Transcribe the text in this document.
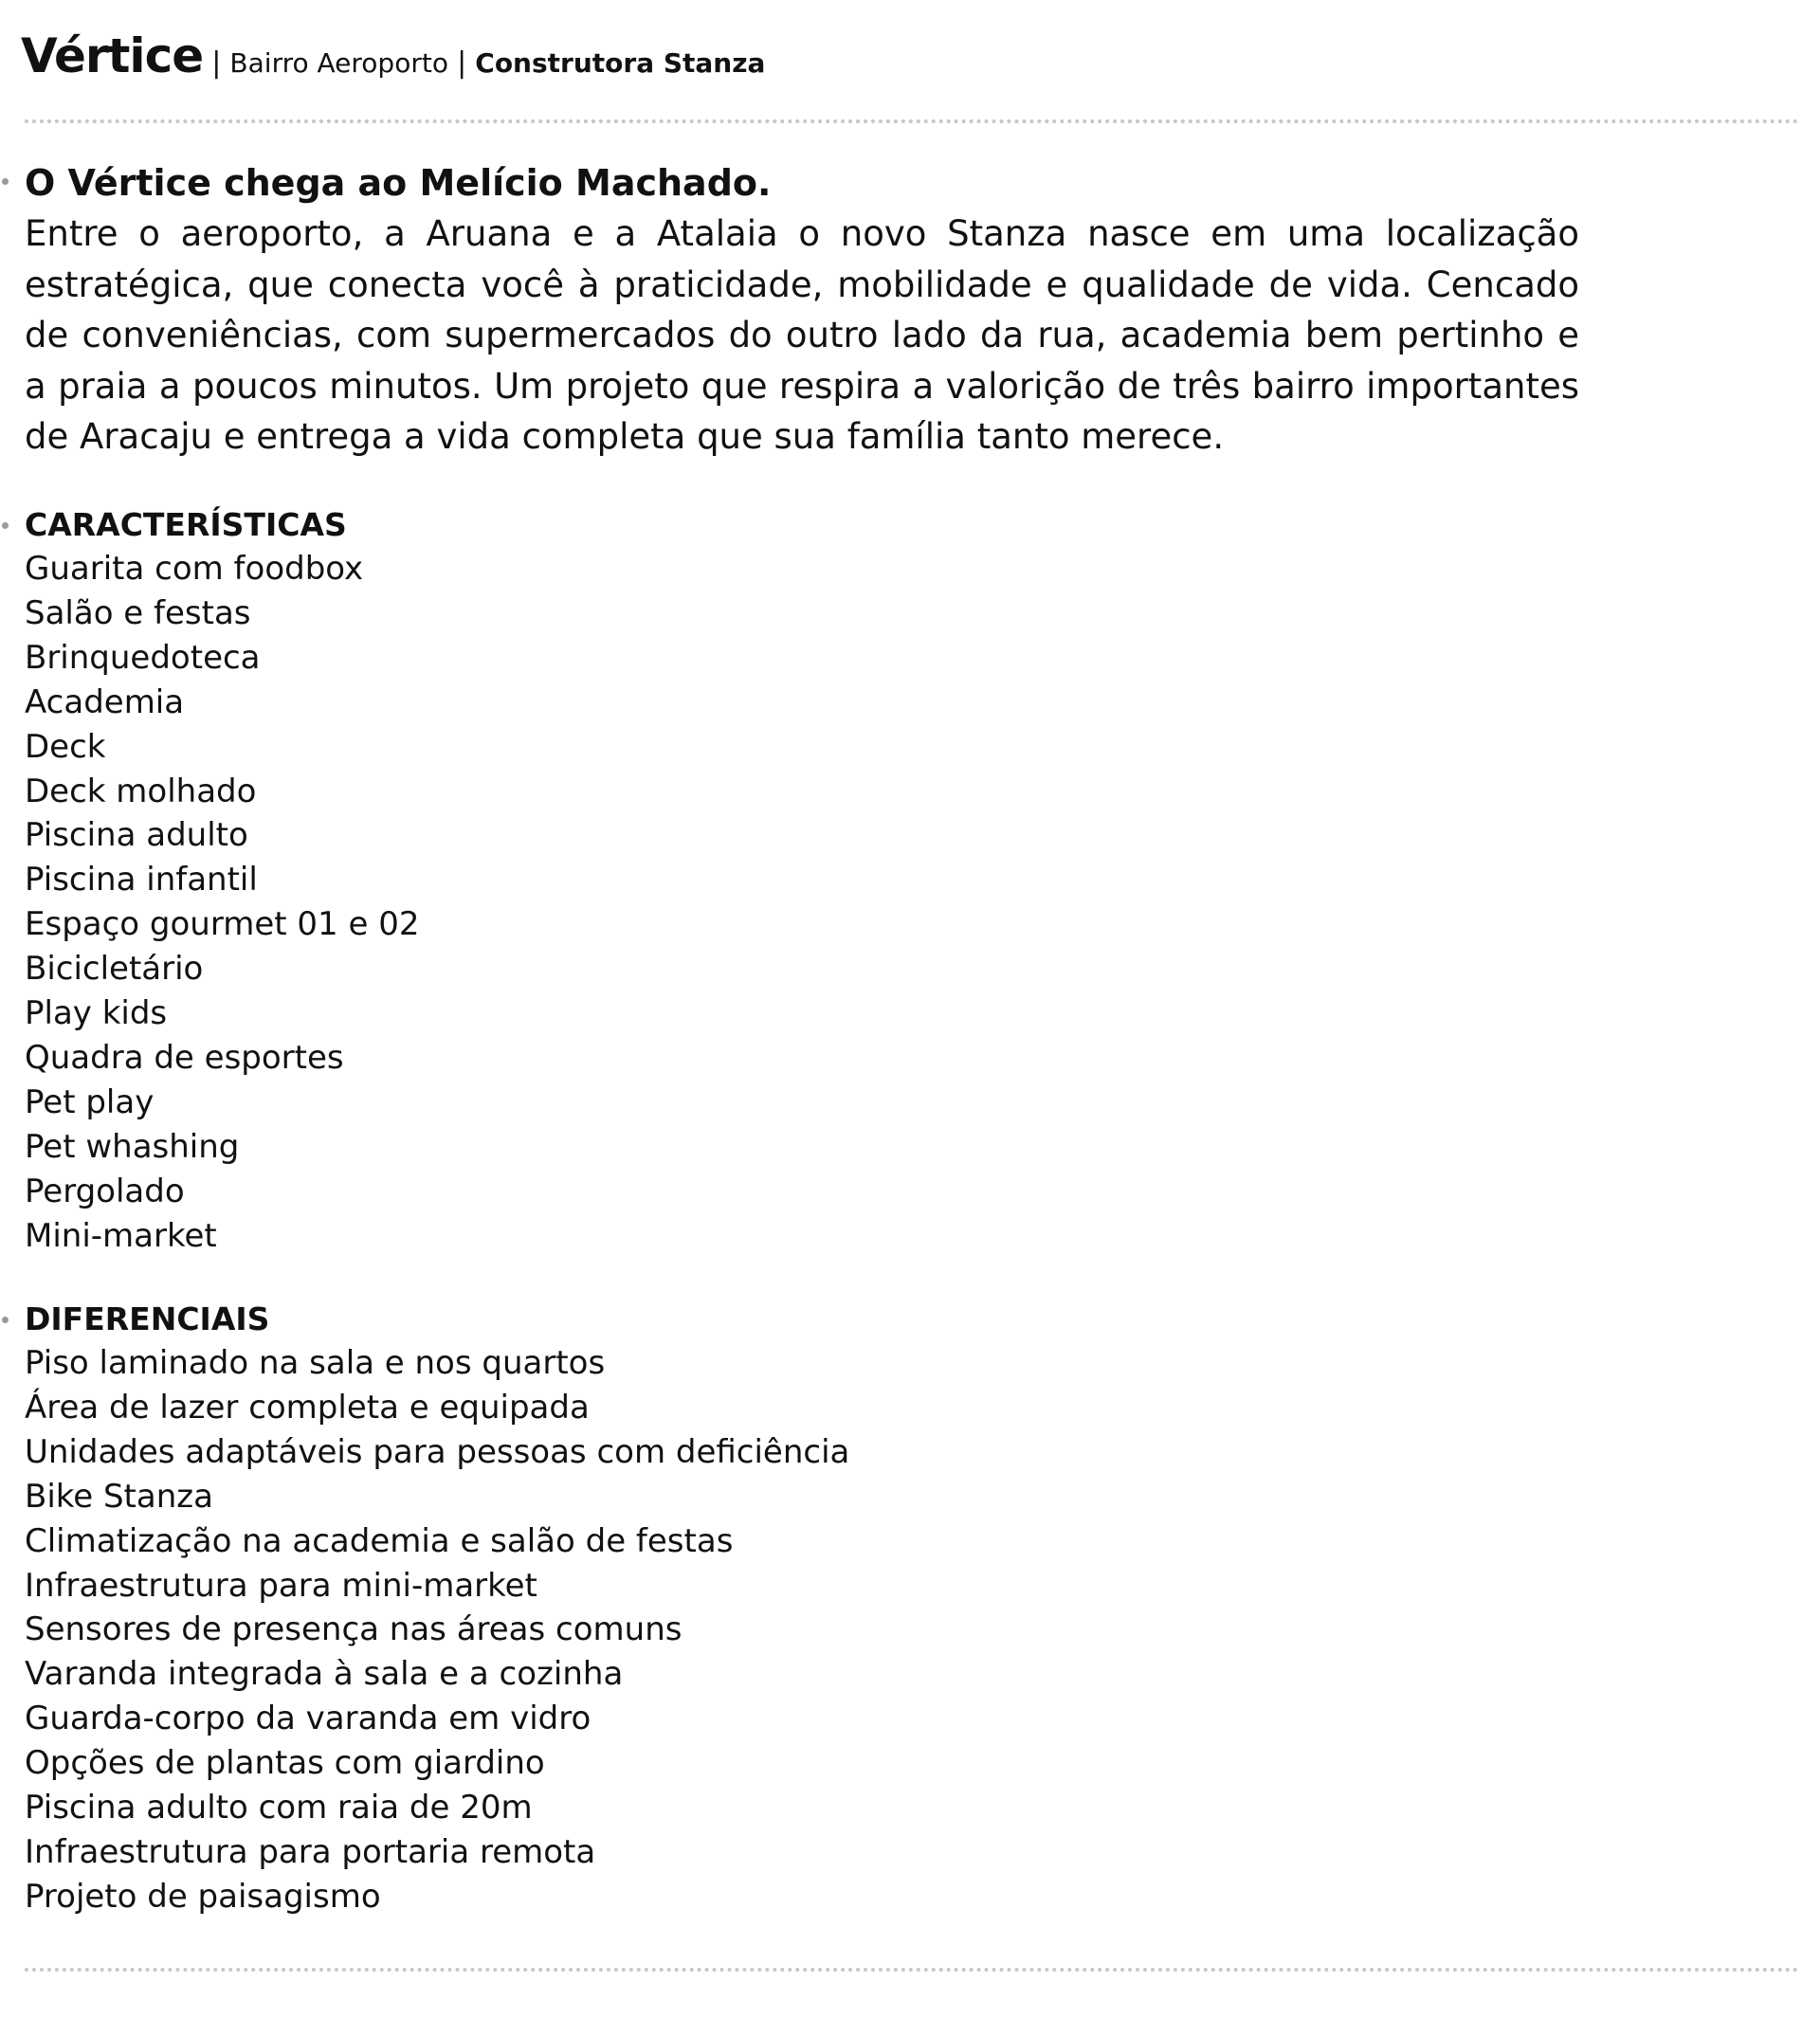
Vértice | Bairro Aeroporto | Construtora Stanza
O Vértice chega ao Melício Machado.

Entre o aeroporto, a Aruana e a Atalaia o novo Stanza nasce em uma localização estratégica, que conecta você à praticidade, mobilidade e qualidade de vida. Cencado de conveniências, com supermercados do outro lado da rua, academia bem pertinho e a praia a poucos minutos. Um projeto que respira a valorição de três bairro importantes de Aracaju e entrega a vida completa que sua família tanto merece.

CARACTERÍSTICAS
Guarita com foodbox
Salão e festas
Brinquedoteca
Academia
Deck
Deck molhado
Piscina adulto
Piscina infantil
Espaço gourmet 01 e 02
Bicicletário
Play kids
Quadra de esportes
Pet play
Pet whashing
Pergolado
Mini-market
DIFERENCIAIS
Piso laminado na sala e nos quartos
Área de lazer completa e equipada
Unidades adaptáveis para pessoas com deficiência
Bike Stanza
Climatização na academia e salão de festas
Infraestrutura para mini-market
Sensores de presença nas áreas comuns
Varanda integrada à sala e a cozinha
Guarda-corpo da varanda em vidro
Opções de plantas com giardino
Piscina adulto com raia de 20m
Infraestrutura para portaria remota
Projeto de paisagismo
